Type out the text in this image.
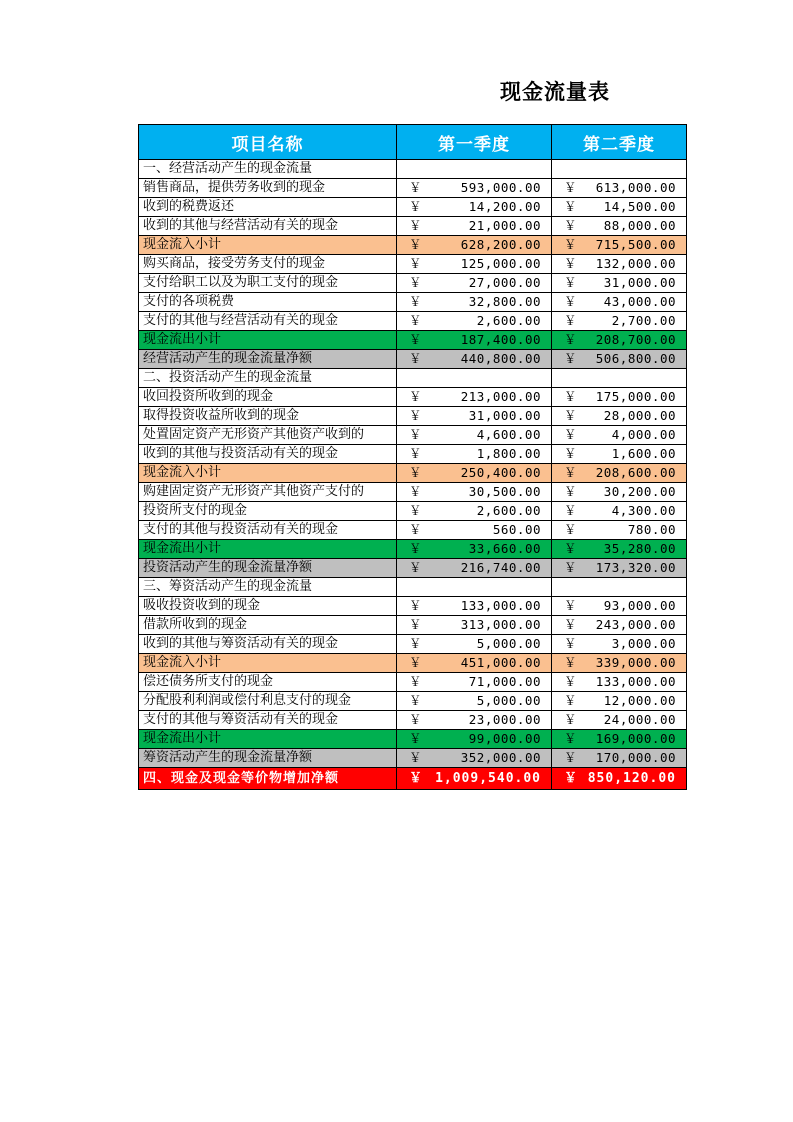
现金流量表
项目名称	第一季度	第二季度
一、经营活动产生的现金流量		
销售商品，提供劳务收到的现金	￥ 593,000.00	￥ 613,000.00

收到的税费返还	￥ 14,200.00	￥ 14,500.00

收到的其他与经营活动有关的现金	￥ 21,000.00	￥ 88,000.00

现金流入小计	￥ 628,200.00	￥ 715,500.00

购买商品，接受劳务支付的现金	￥ 125,000.00	￥ 132,000.00

支付给职工以及为职工支付的现金	￥ 27,000.00	￥ 31,000.00

支付的各项税费	￥ 32,800.00	￥ 43,000.00

支付的其他与经营活动有关的现金	￥ 2,600.00	￥ 2,700.00

现金流出小计	￥ 187,400.00	￥ 208,700.00

经营活动产生的现金流量净额	￥ 440,800.00	￥ 506,800.00

二、投资活动产生的现金流量		
收回投资所收到的现金	￥ 213,000.00	￥ 175,000.00

取得投资收益所收到的现金	￥ 31,000.00	￥ 28,000.00

处置固定资产无形资产其他资产收到的	￥ 4,600.00	￥ 4,000.00

收到的其他与投资活动有关的现金	￥ 1,800.00	￥ 1,600.00

现金流入小计	￥ 250,400.00	￥ 208,600.00

购建固定资产无形资产其他资产支付的	￥ 30,500.00	￥ 30,200.00

投资所支付的现金	￥ 2,600.00	￥ 4,300.00

支付的其他与投资活动有关的现金	￥ 560.00	￥ 780.00

现金流出小计	￥ 33,660.00	￥ 35,280.00

投资活动产生的现金流量净额	￥ 216,740.00	￥ 173,320.00

三、筹资活动产生的现金流量		
吸收投资收到的现金	￥ 133,000.00	￥ 93,000.00

借款所收到的现金	￥ 313,000.00	￥ 243,000.00

收到的其他与筹资活动有关的现金	￥ 5,000.00	￥ 3,000.00

现金流入小计	￥ 451,000.00	￥ 339,000.00

偿还债务所支付的现金	￥ 71,000.00	￥ 133,000.00

分配股利利润或偿付利息支付的现金	￥ 5,000.00	￥ 12,000.00

支付的其他与筹资活动有关的现金	￥ 23,000.00	￥ 24,000.00

现金流出小计	￥ 99,000.00	￥ 169,000.00

筹资活动产生的现金流量净额	￥ 352,000.00	￥ 170,000.00

四、现金及现金等价物增加净额	￥ 1,009,540.00	￥ 850,120.00
